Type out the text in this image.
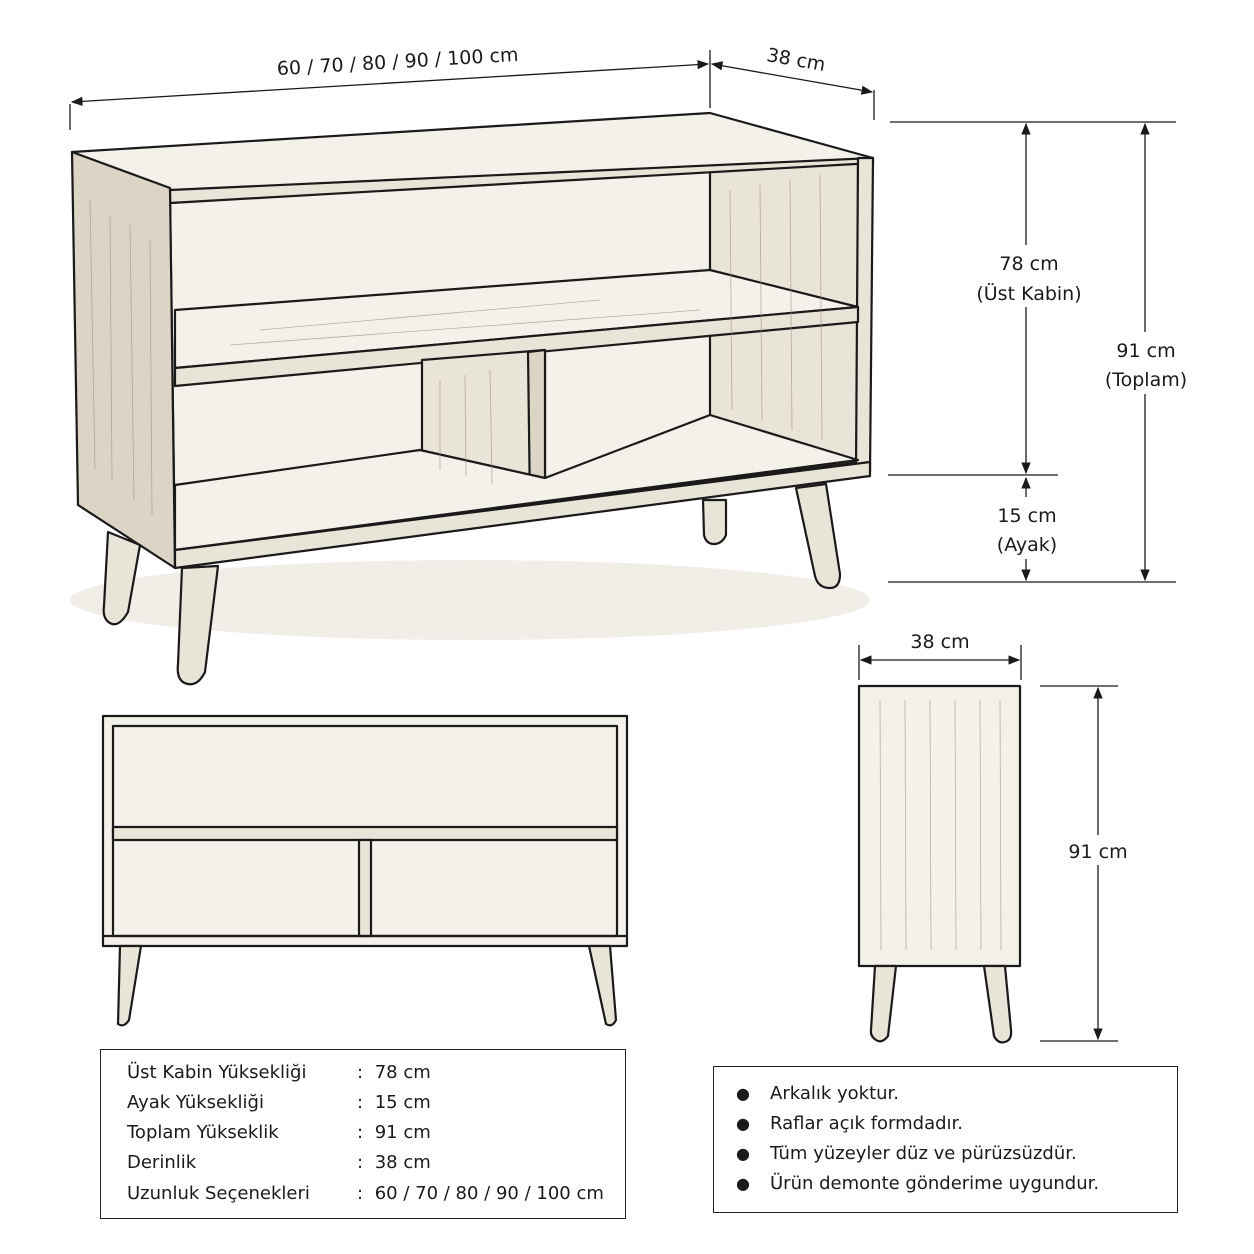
60 / 70 / 80 / 90 / 100 cm	38 cm
78 cm
(Üst Kabin)
91 cm
(Toplam)
15 cm
(Ayak)
38 cm
91 cm
Üst Kabin Yüksekliği	: 78 cm
Ayak Yüksekliği	: 15 cm
Toplam Yükseklik	: 91 cm
Derinlik	: 38 cm
Uzunluk Seçenekleri	: 60 / 70 / 80 / 90 / 100 cm
● Arkalık yoktur.
● Raflar açık formdadır.
● Tüm yüzeyler düz ve pürüzsüzdür.
● Ürün demonte gönderime uygundur.
